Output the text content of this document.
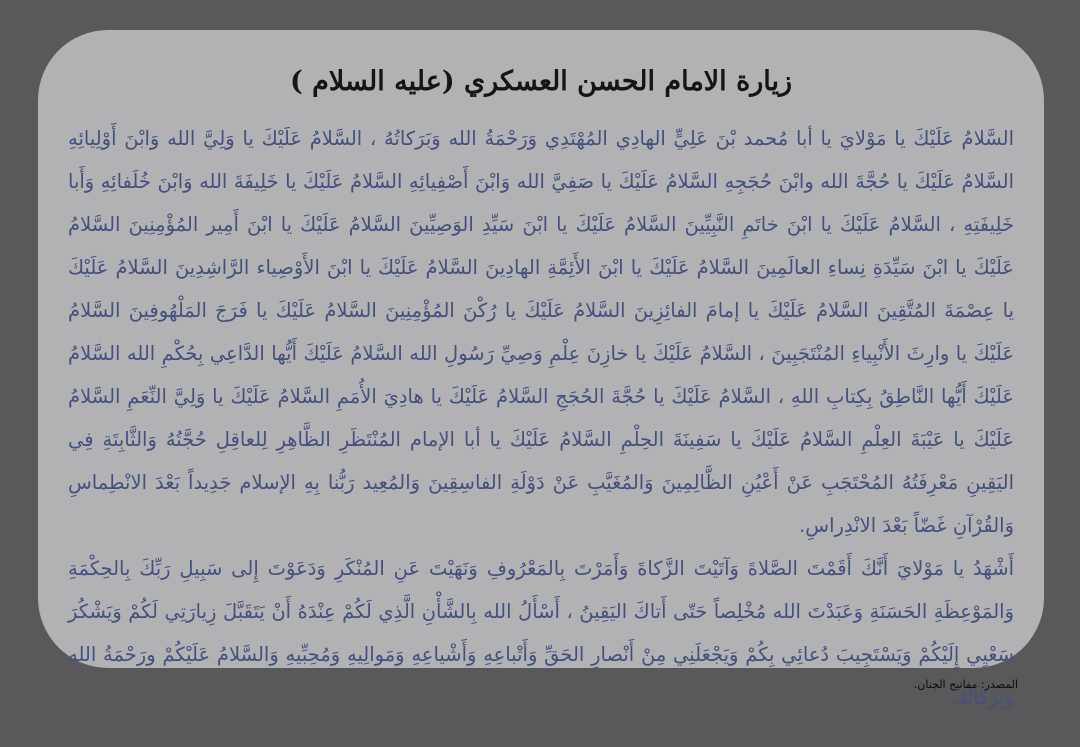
زيارة الامام الحسن العسكري (عليه السلام )

السَّلامُ عَلَيْكَ يا مَوْلايَ يا أبا مُحمد بْنَ عَلِيٍّ الهادِي المُهْتَدِي وَرَحْمَةُ الله وَبَرَكاتُهُ ، السَّلامُ عَلَيْكَ يا وَلِيَّ الله وَابْنَ أَوْلِيائِهِ السَّلامُ عَلَيْكَ يا حُجَّةَ الله وابْنَ حُجَجِهِ السَّلامُ عَلَيْكَ يا صَفِيَّ الله وَابْنَ أَصْفِيائِهِ السَّلامُ عَلَيْكَ يا خَلِيفَةَ الله وَابْنَ خُلَفائِهِ وَأَبا خَلِيفَتِهِ ، السَّلامُ عَلَيْكَ يا ابْنَ خاتَمِ النَّبِيِّينَ السَّلامُ عَلَيْكَ يا ابْنَ سَيِّدِ الوَصِيِّينَ السَّلامُ عَلَيْكَ يا ابْنَ أَمِير المُؤْمِنِينَ السَّلامُ عَلَيْكَ يا ابْنَ سَيِّدَةِ نِساءِ العالَمِينَ السَّلامُ عَلَيْكَ يا ابْنَ الأَئِمَّةِ الهادِينَ السَّلامُ عَلَيْكَ يا ابْنَ الأَوْصِياء الرَّاشِدِينَ السَّلامُ عَلَيْكَ يا عِصْمَةَ المُتَّقِينَ السَّلامُ عَلَيْكَ يا إمامَ الفائِزِينَ السَّلامُ عَلَيْكَ يا رُكْنَ المُؤْمِنِينَ السَّلامُ عَلَيْكَ يا فَرَجَ المَلْهُوفِينَ السَّلامُ عَلَيْكَ يا وارِثَ الأَنْبِياءِ المُنْتَجَبِينَ ، السَّلامُ عَلَيْكَ يا خازِنَ عِلْمِ وَصِيِّ رَسُولِ الله السَّلامُ عَلَيْكَ أَيُّها الدَّاعِي بِحُكْمِ الله السَّلامُ عَلَيْكَ أَيُّها النَّاطِقُ بِكِتابِ اللهِ ، السَّلامُ عَلَيْكَ يا حُجَّةَ الحُجَجِ السَّلامُ عَلَيْكَ يا هادِيَ الأُمَمِ السَّلامُ عَلَيْكَ يا وَلِيَّ النِّعَمِ السَّلامُ عَلَيْكَ يا عَيْبَةَ العِلْمِ السَّلامُ عَلَيْكَ يا سَفِينَةَ الحِلْمِ السَّلامُ عَلَيْكَ يا أبا الإمام المُنْتَظَرِ الظَّاهِرِ لِلعاقِلِ حُجَّتُهُ وَالثَّابِتَةِ فِي اليَقِينِ مَعْرِفَتُهُ المُحْتَجَبِ عَنْ أَعْيُنِ الظَّالِمِينَ وَالمُغَيَّبِ عَنْ دَوْلَةِ الفاسِقِينَ وَالمُعِيد رَبُّنا بِهِ الإسلام جَدِيداً بَعْدَ الانْطِماسِ وَالقُرْآنِ غَضّاً بَعْدَ الانْدِراسِ.

أَشْهَدُ يا مَوْلايَ أَنَّكَ أَقَمْتَ الصَّلاةَ وَآتَيْتَ الزَّكاةَ وَأَمَرْتَ بِالمَعْرُوفِ وَنَهَيْتَ عَنِ المُنْكَرِ وَدَعَوْتَ إِلى سَبِيلِ رَبِّكَ بِالحِكْمَةِ وَالمَوْعِظَةِ الحَسَنَةِ وَعَبَدْتَ الله مُخْلِصاً حَتّى أَتاكَ اليَقِينُ ، أَسْأَلُ الله بِالشَّأْنِ الَّذِي لَكُمْ عِنْدَهُ أَنْ يَتَقَبَّلَ زِيارَتِي لَكُمْ وَيَشْكُرَ سَعْيِي إِلَيْكُمْ وَيَسْتَجِيبَ دُعائِي بِكُمْ وَيَجْعَلَنِي مِنْ أَنْصارِ الحَقِّ وَأَتْباعِهِ وَأَشْياعِهِ وَمَوالِيهِ وَمُحِبِّيهِ وَالسَّلامُ عَلَيْكُمْ ورَحْمَةُ الله وَبَرَكاتُهُ.

المصدر: مفاتيح الجنان.
